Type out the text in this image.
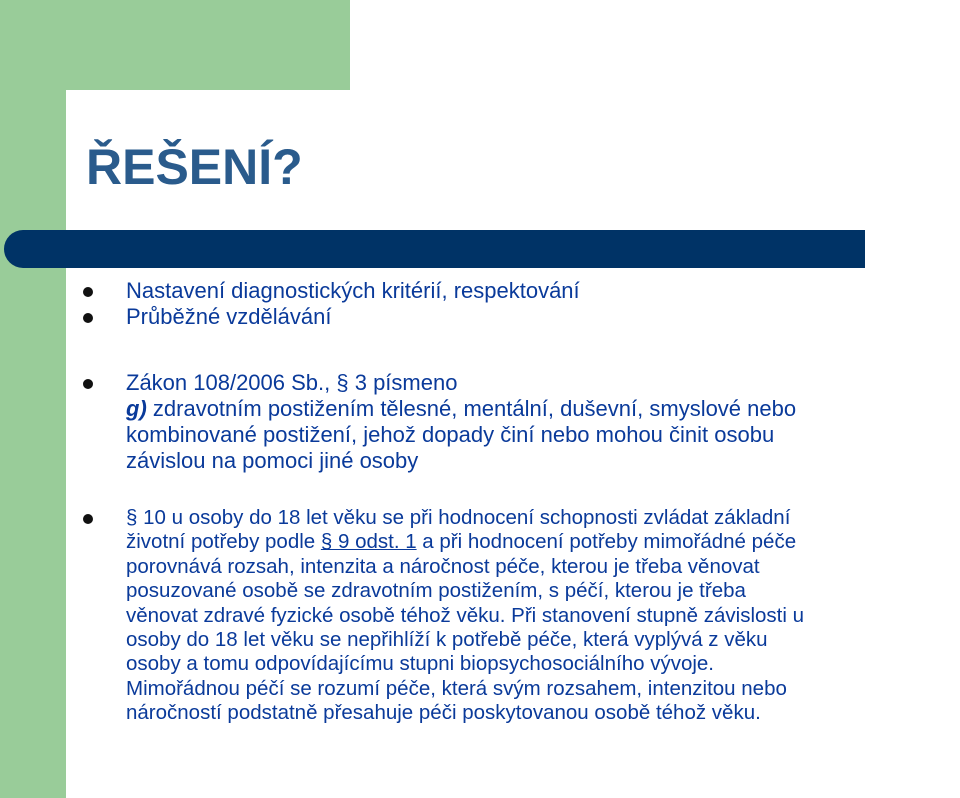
ŘEŠENÍ?
Nastavení diagnostických kritérií, respektování
Průběžné vzdělávání
Zákon 108/2006 Sb., § 3 písmeno
g) zdravotním postižením tělesné, mentální, duševní, smyslové nebo
kombinované postižení, jehož dopady činí nebo mohou činit osobu
závislou na pomoci jiné osoby
§ 10 u osoby do 18 let věku se při hodnocení schopnosti zvládat základní
životní potřeby podle § 9 odst. 1 a při hodnocení potřeby mimořádné péče
porovnává rozsah, intenzita a náročnost péče, kterou je třeba věnovat
posuzované osobě se zdravotním postižením, s péčí, kterou je třeba
věnovat zdravé fyzické osobě téhož věku. Při stanovení stupně závislosti u
osoby do 18 let věku se nepřihlíží k potřebě péče, která vyplývá z věku
osoby a tomu odpovídajícímu stupni biopsychosociálního vývoje.
Mimořádnou péčí se rozumí péče, která svým rozsahem, intenzitou nebo
náročností podstatně přesahuje péči poskytovanou osobě téhož věku.
